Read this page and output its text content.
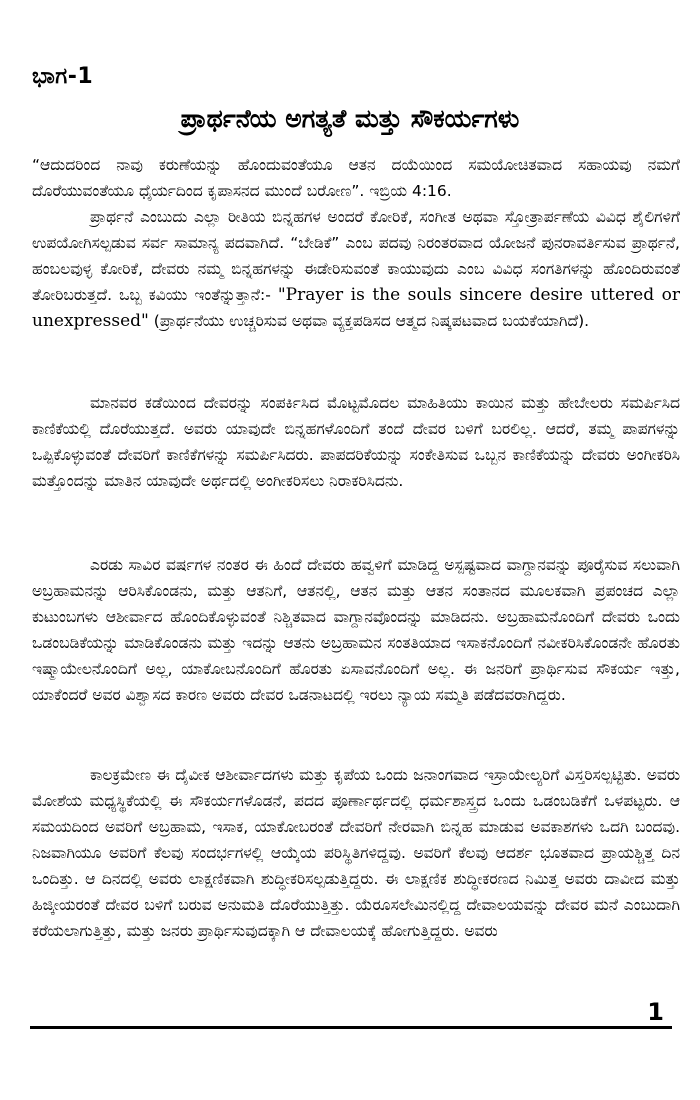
ಭಾಗ-1
ಪ್ರಾರ್ಥನೆಯ ಅಗತ್ಯತೆ ಮತ್ತು ಸೌಕರ್ಯಗಳು

“ಆದುದರಿಂದ ನಾವು ಕರುಣೆಯನ್ನು ಹೊಂದುವಂತೆಯೂ ಆತನ ದಯೆಯಿಂದ ಸಮಯೋಚಿತವಾದ ಸಹಾಯವು ನಮಗೆ ದೊರೆಯುವಂತೆಯೂ ಧೈರ್ಯದಿಂದ ಕೃಪಾಸನದ ಮುಂದೆ ಬರೋಣ”. ಇಬ್ರಿಯ 4:16.

ಪ್ರಾರ್ಥನೆ ಎಂಬುದು ಎಲ್ಲಾ ರೀತಿಯ ಬಿನ್ನಹಗಳ ಅಂದರೆ ಕೋರಿಕೆ, ಸಂಗೀತ ಅಥವಾ ಸ್ತೋತ್ರಾರ್ಪಣೆಯ ವಿವಿಧ ಶೈಲಿಗಳಿಗೆ ಉಪಯೋಗಿಸಲ್ಪಡುವ ಸರ್ವ ಸಾಮಾನ್ಯ ಪದವಾಗಿದೆ. “ಬೇಡಿಕೆ” ಎಂಬ ಪದವು ನಿರಂತರವಾದ ಯೋಜನೆ ಪುನರಾವರ್ತಿಸುವ ಪ್ರಾರ್ಥನೆ, ಹಂಬಲವುಳ್ಳ ಕೋರಿಕೆ, ದೇವರು ನಮ್ಮ ಬಿನ್ನಹಗಳನ್ನು ಈಡೇರಿಸುವಂತೆ ಕಾಯುವುದು ಎಂಬ ವಿವಿಧ ಸಂಗತಿಗಳನ್ನು ಹೊಂದಿರುವಂತೆ ತೋರಿಬರುತ್ತದೆ. ಒಬ್ಬ ಕವಿಯು ಇಂತೆನ್ನುತ್ತಾನೆ:- "Prayer is the souls sincere desire uttered or unexpressed" (ಪ್ರಾರ್ಥನೆಯು ಉಚ್ಚರಿಸುವ ಅಥವಾ ವ್ಯಕ್ತಪಡಿಸದ ಆತ್ಮದ ನಿಷ್ಕಪಟವಾದ ಬಯಕೆಯಾಗಿದೆ).

ಮಾನವರ ಕಡೆಯಿಂದ ದೇವರನ್ನು ಸಂಪರ್ಕಿಸಿದ ಮೊಟ್ಟಮೊದಲ ಮಾಹಿತಿಯು ಕಾಯಿನ ಮತ್ತು ಹೇಬೇಲರು ಸಮರ್ಪಿಸಿದ ಕಾಣಿಕೆಯಲ್ಲಿ ದೊರೆಯುತ್ತದೆ. ಅವರು ಯಾವುದೇ ಬಿನ್ನಹಗಳೊಂದಿಗೆ ತಂದೆ ದೇವರ ಬಳಿಗೆ ಬರಲಿಲ್ಲ. ಆದರೆ, ತಮ್ಮ ಪಾಪಗಳನ್ನು ಒಪ್ಪಿಕೊಳ್ಳುವಂತೆ ದೇವರಿಗೆ ಕಾಣಿಕೆಗಳನ್ನು ಸಮರ್ಪಿಸಿದರು. ಪಾಪದರಿಕೆಯನ್ನು ಸಂಕೇತಿಸುವ ಒಬ್ಬನ ಕಾಣಿಕೆಯನ್ನು ದೇವರು ಅಂಗೀಕರಿಸಿ ಮತ್ತೊಂದನ್ನು ಮಾತಿನ ಯಾವುದೇ ಅರ್ಥದಲ್ಲಿ ಅಂಗೀಕರಿಸಲು ನಿರಾಕರಿಸಿದನು.

ಎರಡು ಸಾವಿರ ವರ್ಷಗಳ ನಂತರ ಈ ಹಿಂದೆ ದೇವರು ಹವ್ವಳಿಗೆ ಮಾಡಿದ್ದ ಅಸ್ಪಷ್ಟವಾದ ವಾಗ್ದಾನವನ್ನು ಪೂರೈಸುವ ಸಲುವಾಗಿ ಅಬ್ರಹಾಮನನ್ನು ಆರಿಸಿಕೊಂಡನು, ಮತ್ತು ಆತನಿಗೆ, ಆತನಲ್ಲಿ, ಆತನ ಮತ್ತು ಆತನ ಸಂತಾನದ ಮೂಲಕವಾಗಿ ಪ್ರಪಂಚದ ಎಲ್ಲಾ ಕುಟುಂಬಗಳು ಆಶೀರ್ವಾದ ಹೊಂದಿಕೊಳ್ಳುವಂತೆ ನಿಶ್ಚಿತವಾದ ವಾಗ್ದಾನವೊಂದನ್ನು ಮಾಡಿದನು. ಅಬ್ರಹಾಮನೊಂದಿಗೆ ದೇವರು ಒಂದು ಒಡಂಬಡಿಕೆಯನ್ನು ಮಾಡಿಕೊಂಡನು ಮತ್ತು ಇದನ್ನು ಆತನು ಅಬ್ರಹಾಮನ ಸಂತತಿಯಾದ ಇಸಾಕನೊಂದಿಗೆ ನವೀಕರಿಸಿಕೊಂಡನೇ ಹೊರತು ಇಷ್ಮಾಯೇಲನೊಂದಿಗೆ ಅಲ್ಲ, ಯಾಕೋಬನೊಂದಿಗೆ ಹೊರತು ಏಸಾವನೊಂದಿಗೆ ಅಲ್ಲ. ಈ ಜನರಿಗೆ ಪ್ರಾರ್ಥಿಸುವ ಸೌಕರ್ಯ ಇತ್ತು, ಯಾಕೆಂದರೆ ಅವರ ವಿಶ್ವಾಸದ ಕಾರಣ ಅವರು ದೇವರ ಒಡನಾಟದಲ್ಲಿ ಇರಲು ನ್ಯಾಯ ಸಮ್ಮತಿ ಪಡೆದವರಾಗಿದ್ದರು.

ಕಾಲಕ್ರಮೇಣ ಈ ದೈವೀಕ ಆಶೀರ್ವಾದಗಳು ಮತ್ತು ಕೃಪೆಯ ಒಂದು ಜನಾಂಗವಾದ ಇಸ್ರಾಯೇಲ್ಯರಿಗೆ ವಿಸ್ತರಿಸಲ್ಪಟ್ಟಿತು. ಅವರು ಮೋಶೆಯ ಮಧ್ಯಸ್ಥಿಕೆಯಲ್ಲಿ ಈ ಸೌಕರ್ಯಗಳೊಡನೆ, ಪದದ ಪೂರ್ಣಾರ್ಥದಲ್ಲಿ ಧರ್ಮಶಾಸ್ತ್ರದ ಒಂದು ಒಡಂಬಡಿಕೆಗೆ ಒಳಪಟ್ಟರು. ಆ ಸಮಯದಿಂದ ಅವರಿಗೆ ಅಬ್ರಹಾಮ, ಇಸಾಕ, ಯಾಕೋಬರಂತೆ ದೇವರಿಗೆ ನೇರವಾಗಿ ಬಿನ್ನಹ ಮಾಡುವ ಅವಕಾಶಗಳು ಒದಗಿ ಬಂದವು. ನಿಜವಾಗಿಯೂ ಅವರಿಗೆ ಕೆಲವು ಸಂದರ್ಭಗಳಲ್ಲಿ ಆಯ್ಕೆಯ ಪರಿಸ್ಥಿತಿಗಳಿದ್ದವು. ಅವರಿಗೆ ಕೆಲವು ಆದರ್ಶ ಭೂತವಾದ ಪ್ರಾಯಶ್ಚಿತ್ತ ದಿನ ಒಂದಿತ್ತು. ಆ ದಿನದಲ್ಲಿ ಅವರು ಲಾಕ್ಷಣಿಕವಾಗಿ ಶುದ್ಧೀಕರಿಸಲ್ಪಡುತ್ತಿದ್ದರು. ಈ ಲಾಕ್ಷಣಿಕ ಶುದ್ಧೀಕರಣದ ನಿಮಿತ್ತ ಅವರು ದಾವೀದ ಮತ್ತು ಹಿಜ್ಕೀಯರಂತೆ ದೇವರ ಬಳಿಗೆ ಬರುವ ಅನುಮತಿ ದೊರೆಯುತ್ತಿತ್ತು. ಯೆರೂಸಲೇಮಿನಲ್ಲಿದ್ದ ದೇವಾಲಯವನ್ನು ದೇವರ ಮನೆ ಎಂಬುದಾಗಿ ಕರೆಯಲಾಗುತ್ತಿತ್ತು, ಮತ್ತು ಜನರು ಪ್ರಾರ್ಥಿಸುವುದಕ್ಕಾಗಿ ಆ ದೇವಾಲಯಕ್ಕೆ ಹೋಗುತ್ತಿದ್ದರು. ಅವರು

1
